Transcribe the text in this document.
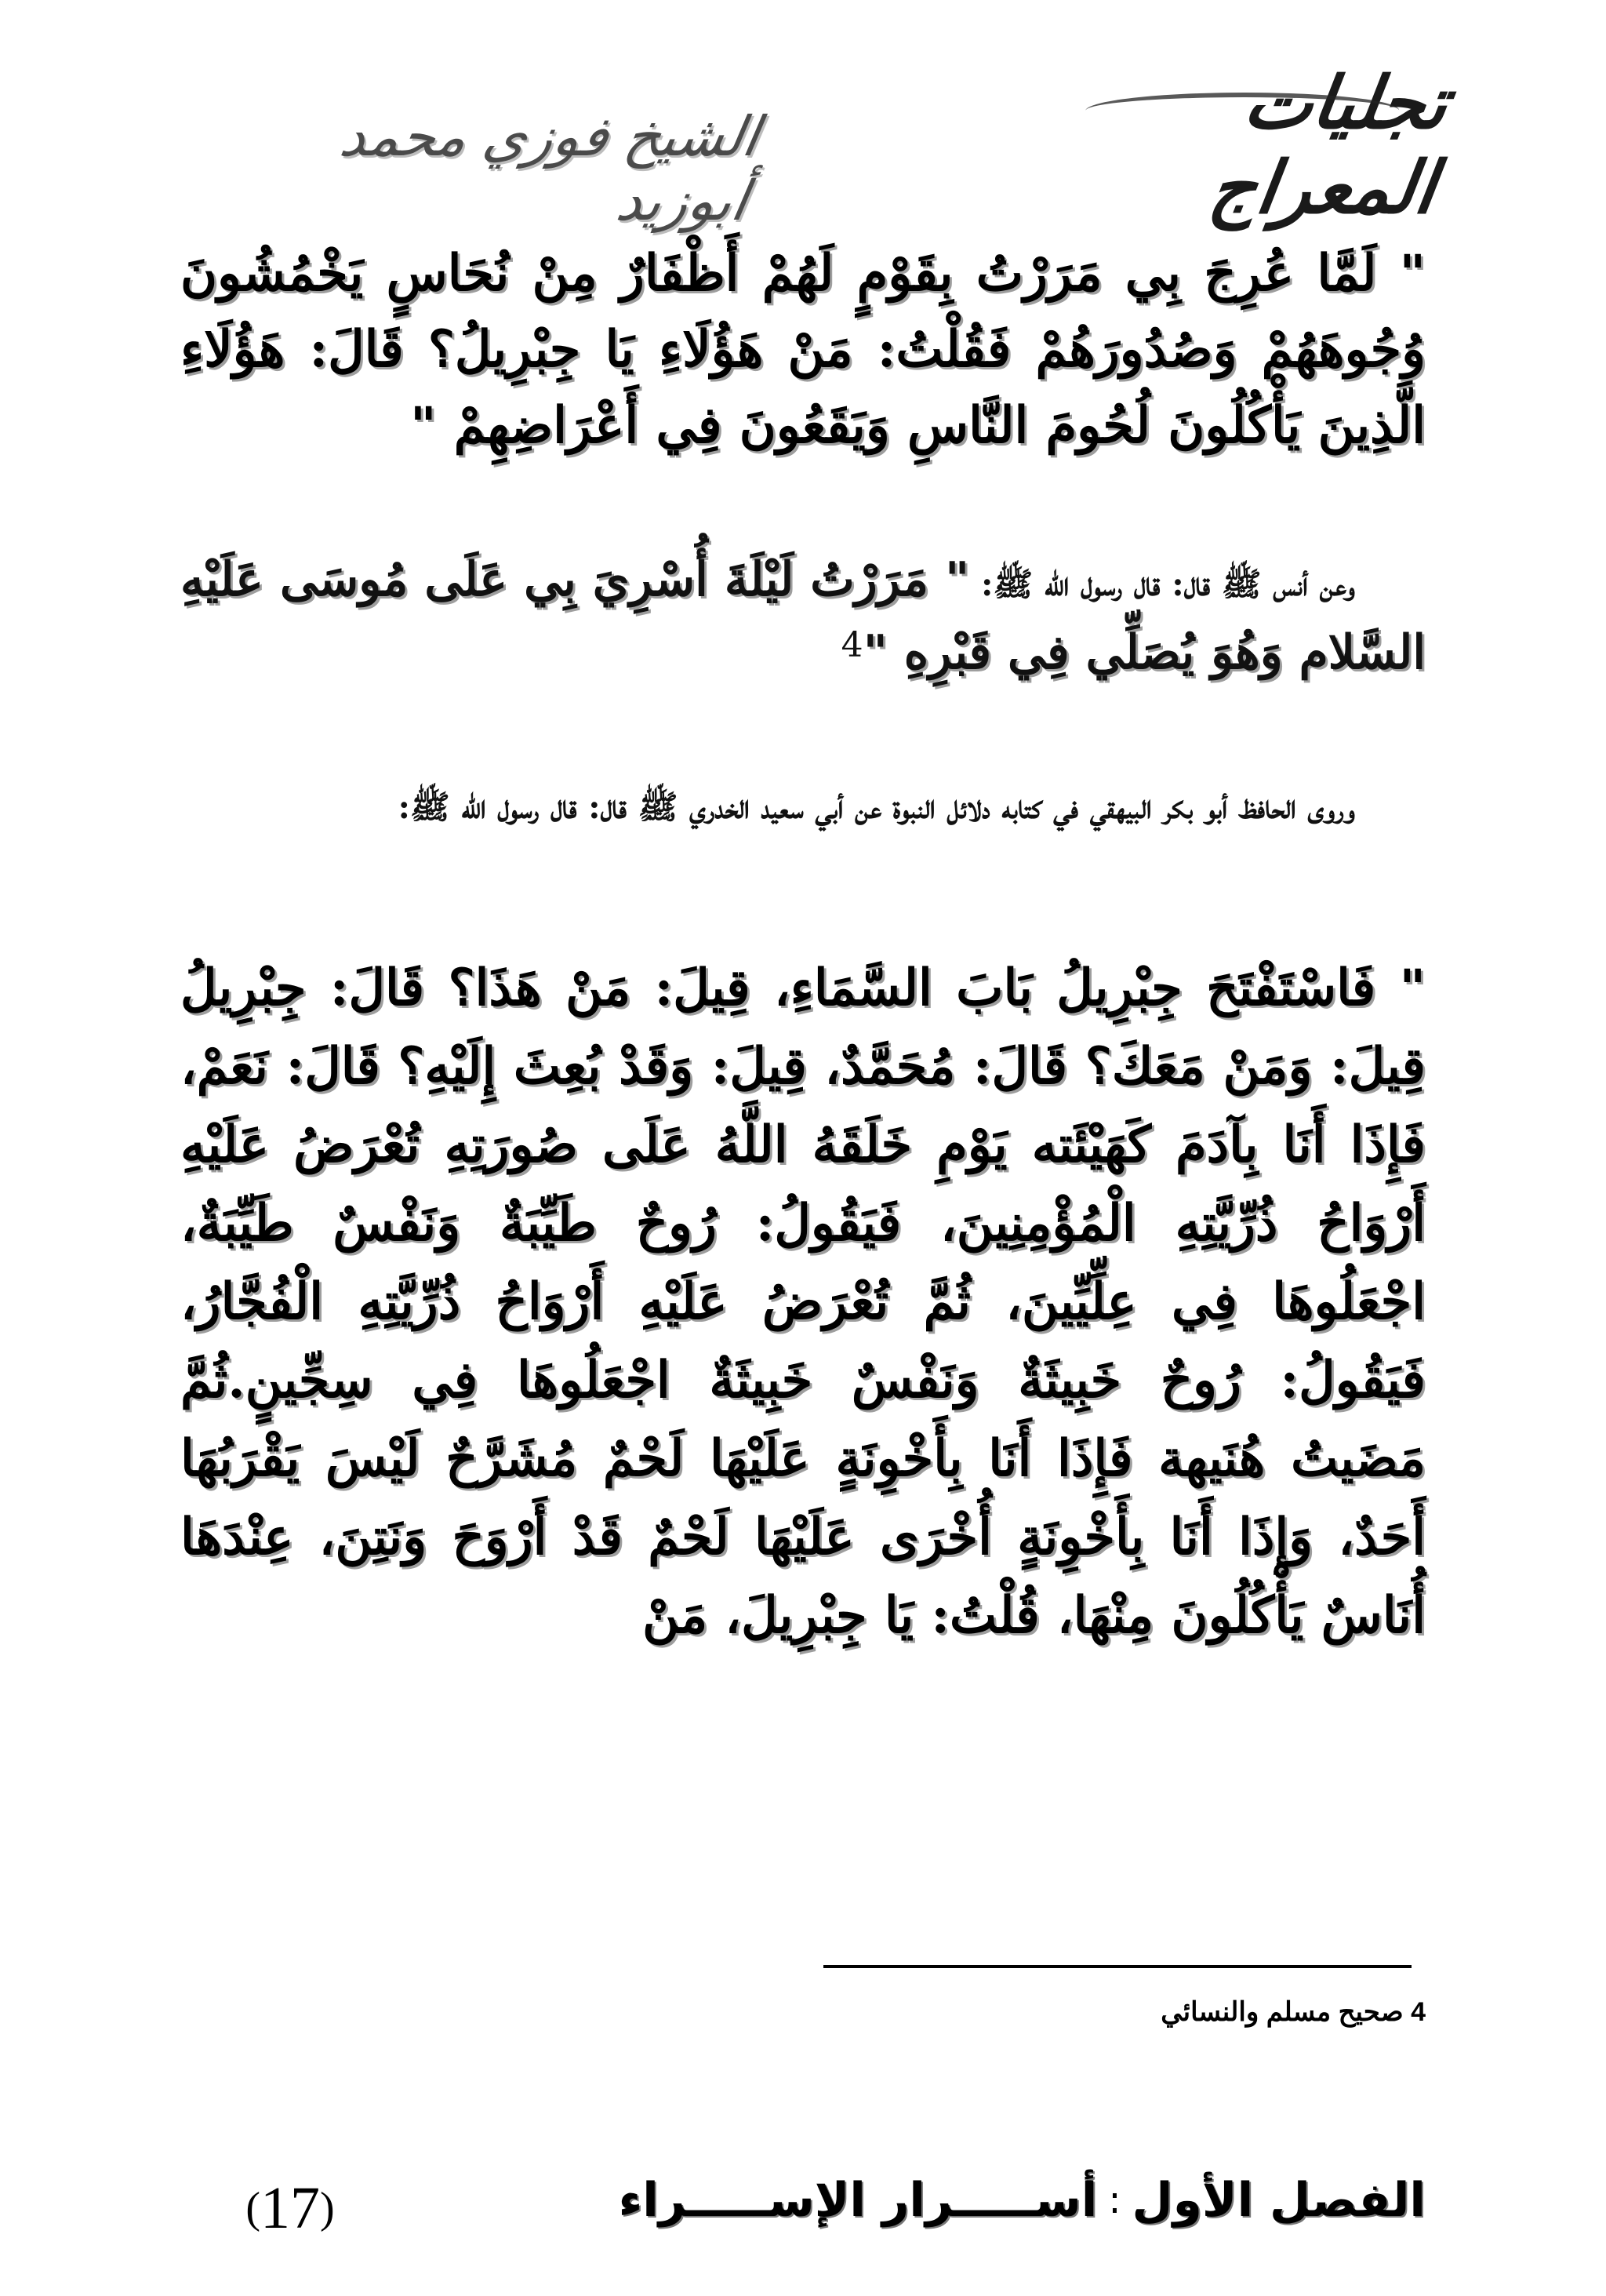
تجليات المعراج
الشيخ فوزي محمد أبوزيد
" لَمَّا عُرِجَ بِي مَرَرْتُ بِقَوْمٍ لَهُمْ أَظْفَارٌ مِنْ نُحَاسٍ يَخْمُشُونَ وُجُوهَهُمْ وَصُدُورَهُمْ فَقُلْتُ: مَنْ هَؤُلَاءِ يَا جِبْرِيلُ؟ قَالَ: هَؤُلَاءِ الَّذِينَ يَأْكُلُونَ لُحُومَ النَّاسِ وَيَقَعُونَ فِي أَعْرَاضِهِمْ "
وعن أنس ﷺ قال: قال رسول الله ﷺ: " مَرَرْتُ لَيْلَةَ أُسْرِيَ بِي عَلَى مُوسَى عَلَيْهِ السَّلام وَهُوَ يُصَلِّي فِي قَبْرِهِ "4
وروى الحافظ أبو بكر البيهقي في كتابه دلائل النبوة عن أبي سعيد الخدري ﷺ قال: قال رسول الله ﷺ:
" فَاسْتَفْتَحَ جِبْرِيلُ بَابَ السَّمَاءِ، قِيلَ: مَنْ هَذَا؟ قَالَ: جِبْرِيلُ قِيلَ: وَمَنْ مَعَكَ؟ قَالَ: مُحَمَّدٌ، قِيلَ: وَقَدْ بُعِثَ إِلَيْهِ؟ قَالَ: نَعَمْ، فَإِذَا أَنَا بِآدَمَ كَهَيْئَته يَوْمِ خَلَقَهُ اللَّهُ عَلَى صُورَتِهِ تُعْرَضُ عَلَيْهِ أَرْوَاحُ ذُرِّيَّتِهِ الْمُؤْمِنِينَ، فَيَقُولُ: رُوحٌ طَيِّبَةٌ وَنَفْسٌ طَيِّبَةٌ، اجْعَلُوهَا فِي عِلِّيِّينَ، ثُمَّ تُعْرَضُ عَلَيْهِ أَرْوَاحُ ذُرِّيَّتِهِ الْفُجَّارُ، فَيَقُولُ: رُوحٌ خَبِيثَةٌ وَنَفْسٌ خَبِيثَةٌ اجْعَلُوهَا فِي سِجِّينٍ.ثُمَّ مَضَيتُ هُنَيهة فَإِذَا أَنَا بِأَخْوِنَةٍ عَلَيْهَا لَحْمٌ مُشَرَّحٌ لَيْسَ يَقْرَبُهَا أَحَدٌ، وَإِذَا أَنَا بِأَخْوِنَةٍ أُخْرَى عَلَيْهَا لَحْمٌ قَدْ أَرْوَحَ وَنَتِنَ، عِنْدَهَا أُنَاسٌ يَأْكُلُونَ مِنْهَا، قُلْتُ: يَا جِبْرِيلَ، مَنْ
4 صحيح مسلم والنسائي
الفصل الأول
:
أســـــرار الإســـــراء
( 17 )
